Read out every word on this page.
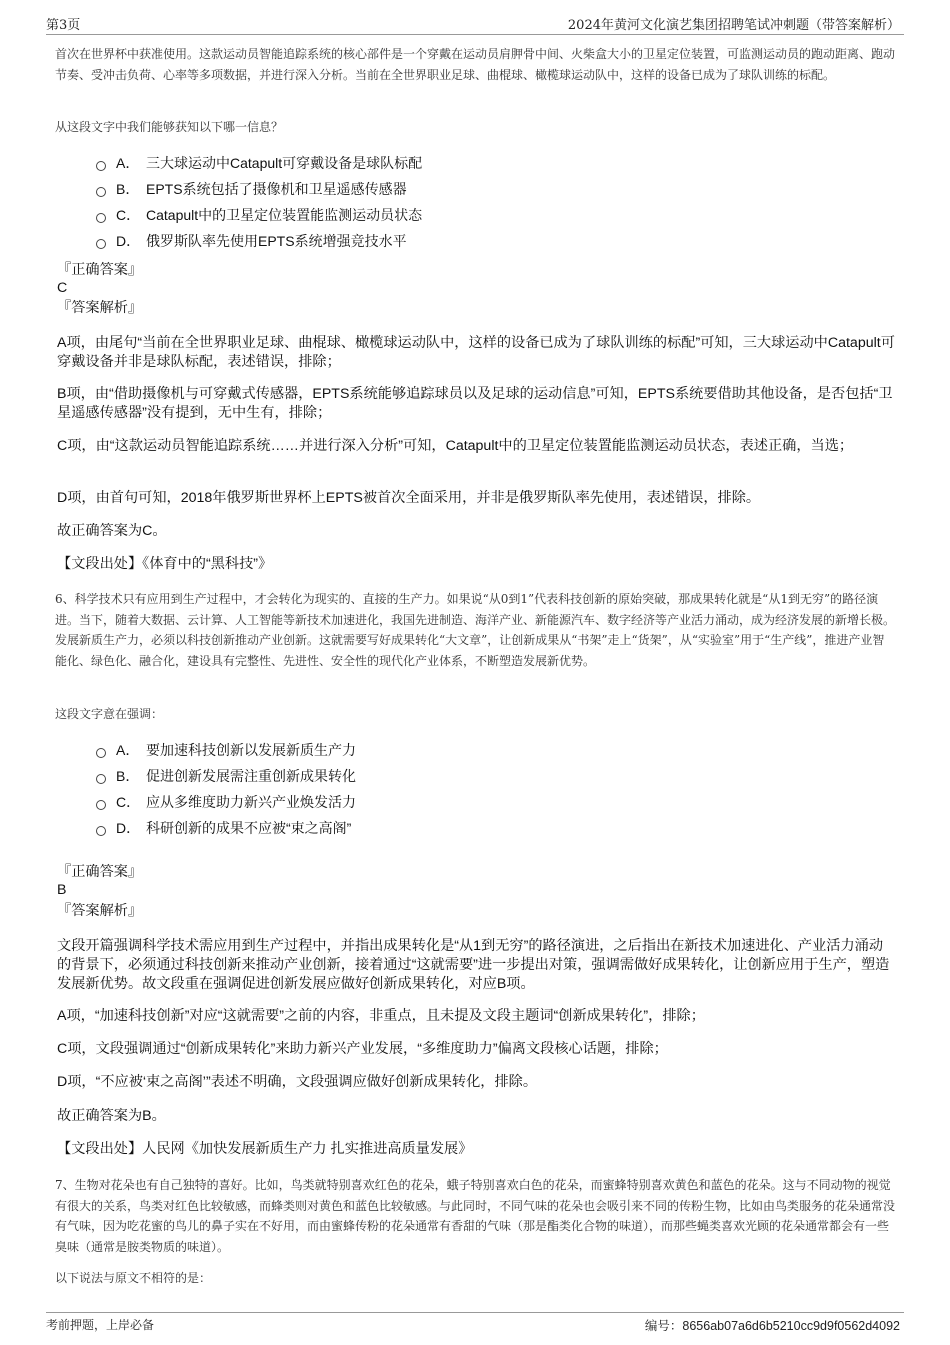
第3页	2024年黄河文化演艺集团招聘笔试冲刺题（带答案解析）

首次在世界杯中获准使用。这款运动员智能追踪系统的核心部件是一个穿戴在运动员肩胛骨中间、火柴盒大小的卫星定位装置，可监测运动员的跑动距离、跑动节奏、受冲击负荷、心率等多项数据，并进行深入分析。当前在全世界职业足球、曲棍球、橄榄球运动队中，这样的设备已成为了球队训练的标配。

从这段文字中我们能够获知以下哪一信息？

A． 三大球运动中Catapult可穿戴设备是球队标配
B． EPTS系统包括了摄像机和卫星遥感传感器
C． Catapult中的卫星定位装置能监测运动员状态
D． 俄罗斯队率先使用EPTS系统增强竞技水平
『正确答案』
C
『答案解析』

A项，由尾句“当前在全世界职业足球、曲棍球、橄榄球运动队中，这样的设备已成为了球队训练的标配”可知，三大球运动中Catapult可穿戴设备并非是球队标配，表述错误，排除；

B项，由“借助摄像机与可穿戴式传感器，EPTS系统能够追踪球员以及足球的运动信息”可知，EPTS系统要借助其他设备，是否包括“卫星遥感传感器”没有提到，无中生有，排除；

C项，由“这款运动员智能追踪系统……并进行深入分析”可知，Catapult中的卫星定位装置能监测运动员状态，表述正确，当选；

D项，由首句可知，2018年俄罗斯世界杯上EPTS被首次全面采用，并非是俄罗斯队率先使用，表述错误，排除。

故正确答案为C。

【文段出处】《体育中的“黑科技”》

6、科学技术只有应用到生产过程中，才会转化为现实的、直接的生产力。如果说“从0到1”代表科技创新的原始突破，那成果转化就是“从1到无穷”的路径演进。当下，随着大数据、云计算、人工智能等新技术加速进化，我国先进制造、海洋产业、新能源汽车、数字经济等产业活力涌动，成为经济发展的新增长极。发展新质生产力，必须以科技创新推动产业创新。这就需要写好成果转化“大文章”，让创新成果从“书架”走上“货架”，从“实验室”用于“生产线”，推进产业智能化、绿色化、融合化，建设具有完整性、先进性、安全性的现代化产业体系，不断塑造发展新优势。

这段文字意在强调：

A． 要加速科技创新以发展新质生产力
B． 促进创新发展需注重创新成果转化
C． 应从多维度助力新兴产业焕发活力
D． 科研创新的成果不应被“束之高阁”
『正确答案』
B
『答案解析』

文段开篇强调科学技术需应用到生产过程中，并指出成果转化是“从1到无穷”的路径演进，之后指出在新技术加速进化、产业活力涌动的背景下，必须通过科技创新来推动产业创新，接着通过“这就需要”进一步提出对策，强调需做好成果转化，让创新应用于生产，塑造发展新优势。故文段重在强调促进创新发展应做好创新成果转化，对应B项。

A项，“加速科技创新”对应“这就需要”之前的内容，非重点，且未提及文段主题词“创新成果转化”，排除；

C项，文段强调通过“创新成果转化”来助力新兴产业发展，“多维度助力”偏离文段核心话题，排除；

D项，“不应被‘束之高阁’”表述不明确，文段强调应做好创新成果转化，排除。

故正确答案为B。

【文段出处】人民网《加快发展新质生产力 扎实推进高质量发展》

7、生物对花朵也有自己独特的喜好。比如，鸟类就特别喜欢红色的花朵，蛾子特别喜欢白色的花朵，而蜜蜂特别喜欢黄色和蓝色的花朵。这与不同动物的视觉有很大的关系，鸟类对红色比较敏感，而蜂类则对黄色和蓝色比较敏感。与此同时，不同气味的花朵也会吸引来不同的传粉生物，比如由鸟类服务的花朵通常没有气味，因为吃花蜜的鸟儿的鼻子实在不好用，而由蜜蜂传粉的花朵通常有香甜的气味（那是酯类化合物的味道），而那些蝇类喜欢光顾的花朵通常都会有一些臭味（通常是胺类物质的味道）。

以下说法与原文不相符的是：

考前押题，上岸必备	编号：8656ab07a6d6b5210cc9d9f0562d4092
